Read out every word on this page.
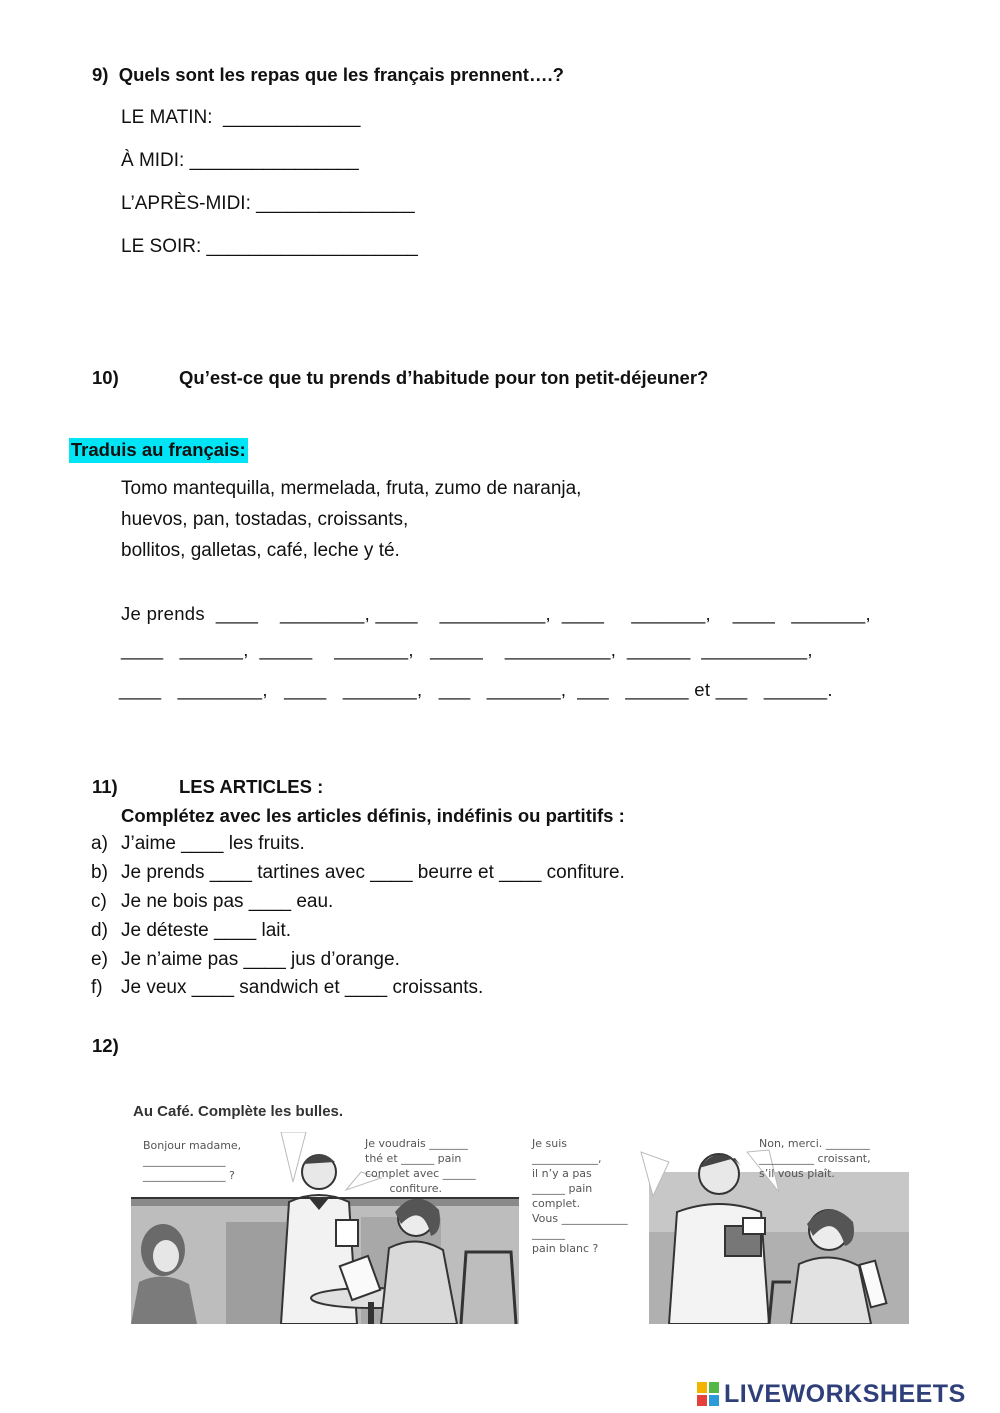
9)  Quels sont les repas que les français prennent….?
LE MATIN:  _____________
À MIDI: ________________
L’APRÈS-MIDI: _______________
LE SOIR: ____________________
10)	Qu’est-ce que tu prends d’habitude pour ton petit-déjeuner?

Traduis au français:

Tomo mantequilla, mermelada, fruta, zumo de naranja,
huevos, pan, tostadas, croissants,
bollitos, galletas, café, leche y té.
Je prends  ____    ________, ____    __________,  ____     _______,    ____   _______,
____   ______,  _____    _______,   _____    __________,  ______  __________,
____   ________,   ____   _______,   ___   _______,  ___   ______ et ___   ______.
11)	LES ARTICLES :
Complétez avec les articles définis, indéfinis ou partitifs :
a) J’aime ____ les fruits.
b) Je prends ____ tartines avec ____ beurre et ____ confiture.
c) Je ne bois pas ____ eau.
d) Je déteste ____ lait.
e) Je n’aime pas ____ jus d’orange.
f) Je veux ____ sandwich et ____ croissants.
12)
Au Café. Complète les bulles.
Bonjour madame,
_______________
_______________ ?
Je voudrais _______
thé et ______ pain
complet avec ______
confiture.
Je suis
____________,
il n’y a pas
______ pain
complet.
Vous ____________
______
pain blanc ?
Non, merci. ________
__________ croissant,
s’il vous plaît.
LIVEWORKSHEETS
